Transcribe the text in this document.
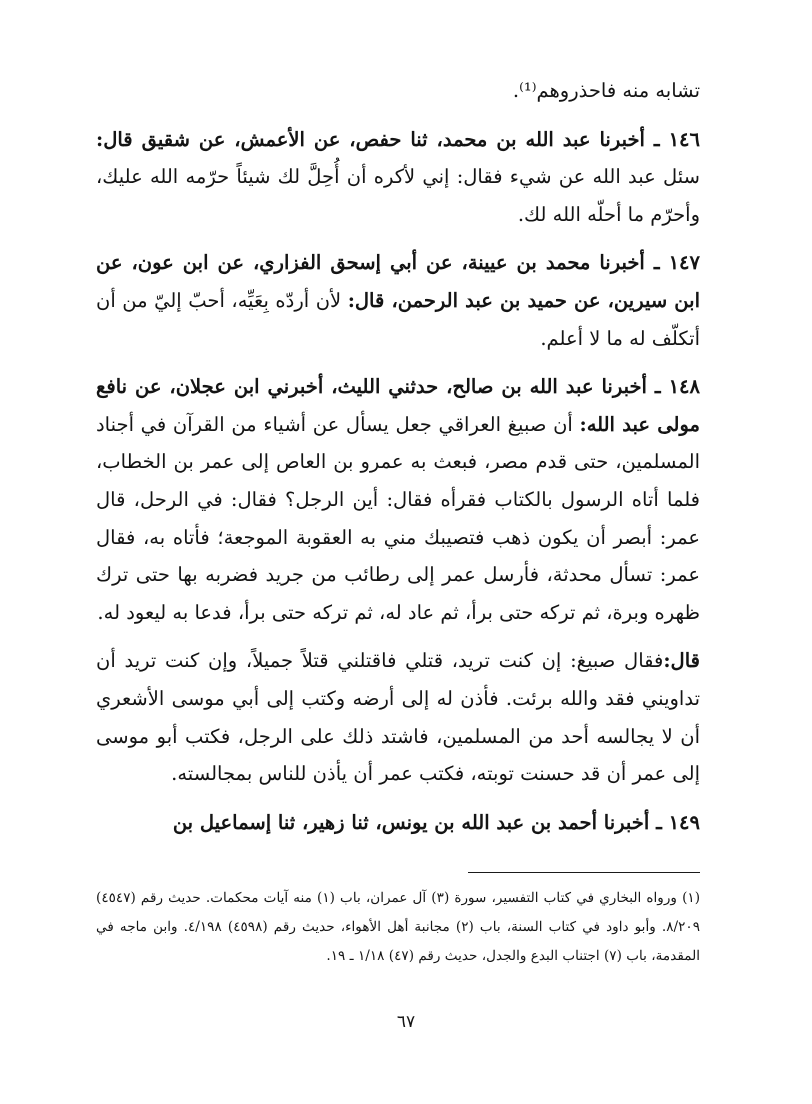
تشابه منه فاحذروهم⁽¹⁾.

١٤٦ ـ أخبرنا عبد الله بن محمد، ثنا حفص، عن الأعمش، عن شقيق قال: سئل عبد الله عن شيء فقال: إني لأكره أن أُحِلَّ لك شيئاً حرّمه الله عليك، وأحرّم ما أحلّه الله لك.

١٤٧ ـ أخبرنا محمد بن عيينة، عن أبي إسحق الفزاري، عن ابن عون، عن ابن سيرين، عن حميد بن عبد الرحمن، قال: لأن أردّه بِعَيِّه، أحبّ إليّ من أن أتكلّف له ما لا أعلم.

١٤٨ ـ أخبرنا عبد الله بن صالح، حدثني الليث، أخبرني ابن عجلان، عن نافع مولى عبد الله: أن صبيغ العراقي جعل يسأل عن أشياء من القرآن في أجناد المسلمين، حتى قدم مصر، فبعث به عمرو بن العاص إلى عمر بن الخطاب، فلما أتاه الرسول بالكتاب فقرأه فقال: أين الرجل؟ فقال: في الرحل، قال عمر: أبصر أن يكون ذهب فتصيبك مني به العقوبة الموجعة؛ فأتاه به، فقال عمر: تسأل محدثة، فأرسل عمر إلى رطائب من جريد فضربه بها حتى ترك ظهره وبرة، ثم تركه حتى برأ، ثم عاد له، ثم تركه حتى برأ، فدعا به ليعود له.

قال:فقال صبيغ: إن كنت تريد، قتلي فاقتلني قتلاً جميلاً، وإن كنت تريد أن تداويني فقد والله برئت. فأذن له إلى أرضه وكتب إلى أبي موسى الأشعري أن لا يجالسه أحد من المسلمين، فاشتد ذلك على الرجل، فكتب أبو موسى إلى عمر أن قد حسنت توبته، فكتب عمر أن يأذن للناس بمجالسته.

١٤٩ ـ أخبرنا أحمد بن عبد الله بن يونس، ثنا زهير، ثنا إسماعيل بن

(١) ورواه البخاري في كتاب التفسير، سورة (٣) آل عمران، باب (١) منه آيات محكمات. حديث رقم (٤٥٤٧) ٨/٢٠٩. وأبو داود في كتاب السنة، باب (٢) مجانبة أهل الأهواء، حديث رقم (٤٥٩٨) ٤/١٩٨. وابن ماجه في المقدمة، باب (٧) اجتناب البدع والجدل، حديث رقم (٤٧) ١/١٨ ـ ١٩.

٦٧
